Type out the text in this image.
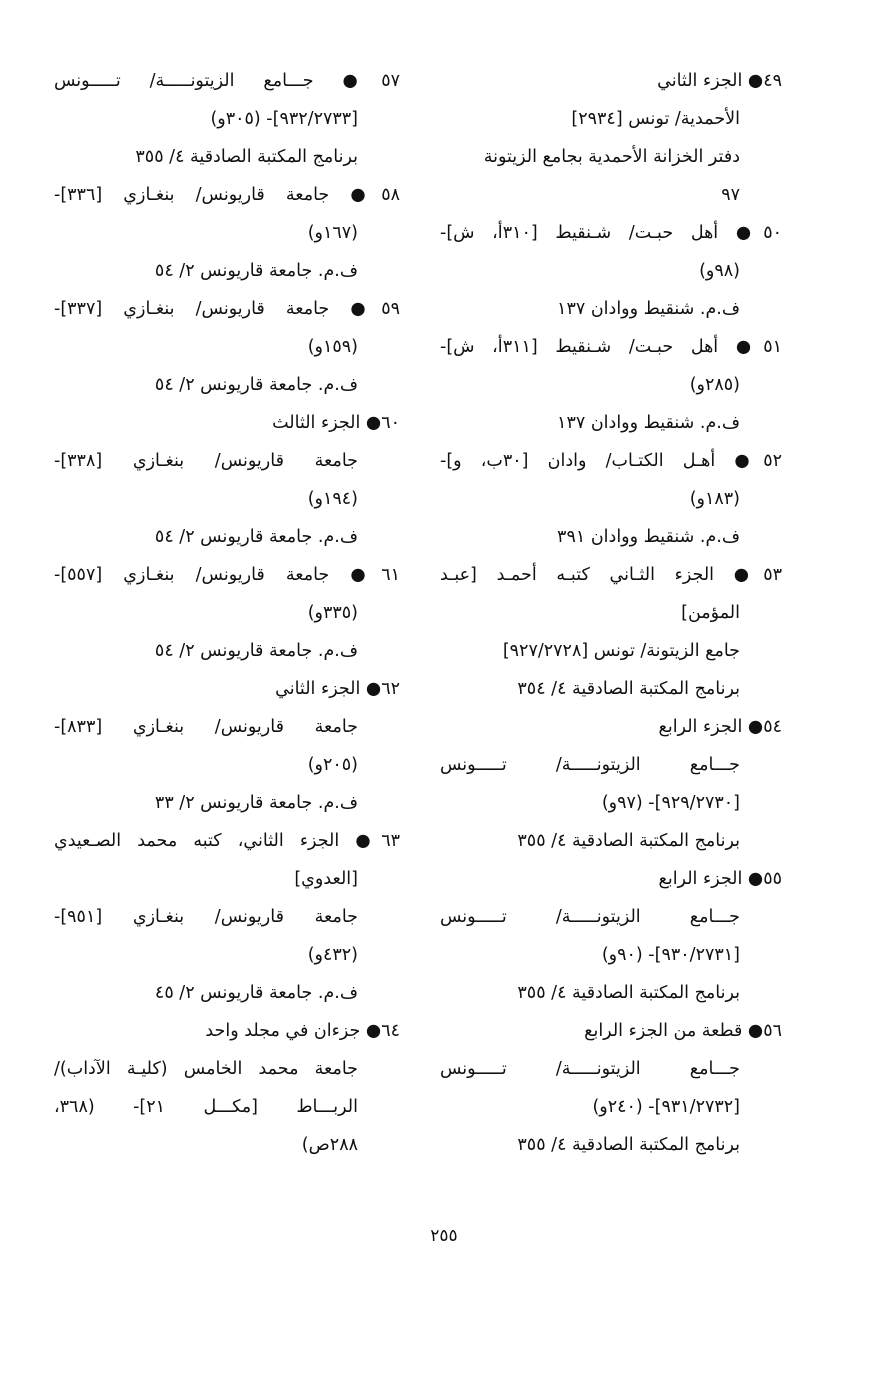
٤٩● الجزء الثاني
الأحمدية/ تونس [٢٩٣٤]
دفتر الخزانة الأحمدية بجامع الزيتونة
٩٧
٥٠● أهل حبـت/ شـنقيط [٣١٠أ، ش]-
(٩٨و)
ف.م. شنقيط ووادان ١٣٧
٥١● أهل حبـت/ شـنقيط [٣١١أ، ش]-
(٢٨٥و)
ف.م. شنقيط ووادان ١٣٧
٥٢● أهـل الكتـاب/ وادان [٣٠ب، و]-
(١٨٣و)
ف.م. شنقيط ووادان ٣٩١
٥٣● الجزء الثـاني كتبـه أحمـد [عبـد
المؤمن]
جامع الزيتونة/ تونس [٩٢٧/٢٧٢٨]
برنامج المكتبة الصادقية ٤/ ٣٥٤
٥٤● الجزء الرابع
جـــامع الزيتونـــــة/ تـــــونس
[٩٢٩/٢٧٣٠]- (٩٧و)
برنامج المكتبة الصادقية ٤/ ٣٥٥
٥٥● الجزء الرابع
جـــامع الزيتونـــــة/ تـــــونس
[٩٣٠/٢٧٣١]- (٩٠و)
برنامج المكتبة الصادقية ٤/ ٣٥٥
٥٦● قطعة من الجزء الرابع
جـــامع الزيتونـــــة/ تـــــونس
[٩٣١/٢٧٣٢]- (٢٤٠و)
برنامج المكتبة الصادقية ٤/ ٣٥٥
٥٧● جـــامع الزيتونـــــة/ تـــــونس
[٩٣٢/٢٧٣٣]- (٣٠٥و)
برنامج المكتبة الصادقية ٤/ ٣٥٥
٥٨● جامعة قاريونس/ بنغـازي [٣٣٦]-
(١٦٧و)
ف.م. جامعة قاريونس ٢/ ٥٤
٥٩● جامعة قاريونس/ بنغـازي [٣٣٧]-
(١٥٩و)
ف.م. جامعة قاريونس ٢/ ٥٤
٦٠● الجزء الثالث
جامعة قاريونس/ بنغـازي [٣٣٨]-
(١٩٤و)
ف.م. جامعة قاريونس ٢/ ٥٤
٦١● جامعة قاريونس/ بنغـازي [٥٥٧]-
(٣٣٥و)
ف.م. جامعة قاريونس ٢/ ٥٤
٦٢● الجزء الثاني
جامعة قاريونس/ بنغـازي [٨٣٣]-
(٢٠٥و)
ف.م. جامعة قاريونس ٢/ ٣٣
٦٣● الجزء الثاني، كتبه محمد الصـعيدي
[العدوي]
جامعة قاريونس/ بنغـازي [٩٥١]-
(٤٣٢و)
ف.م. جامعة قاريونس ٢/ ٤٥
٦٤● جزءان في مجلد واحد
جامعة محمد الخامس (كليـة الآداب)/
الربـــاط [مكـــل ٢١]- (٣٦٨،
٢٨٨ص)
٢٥٥
